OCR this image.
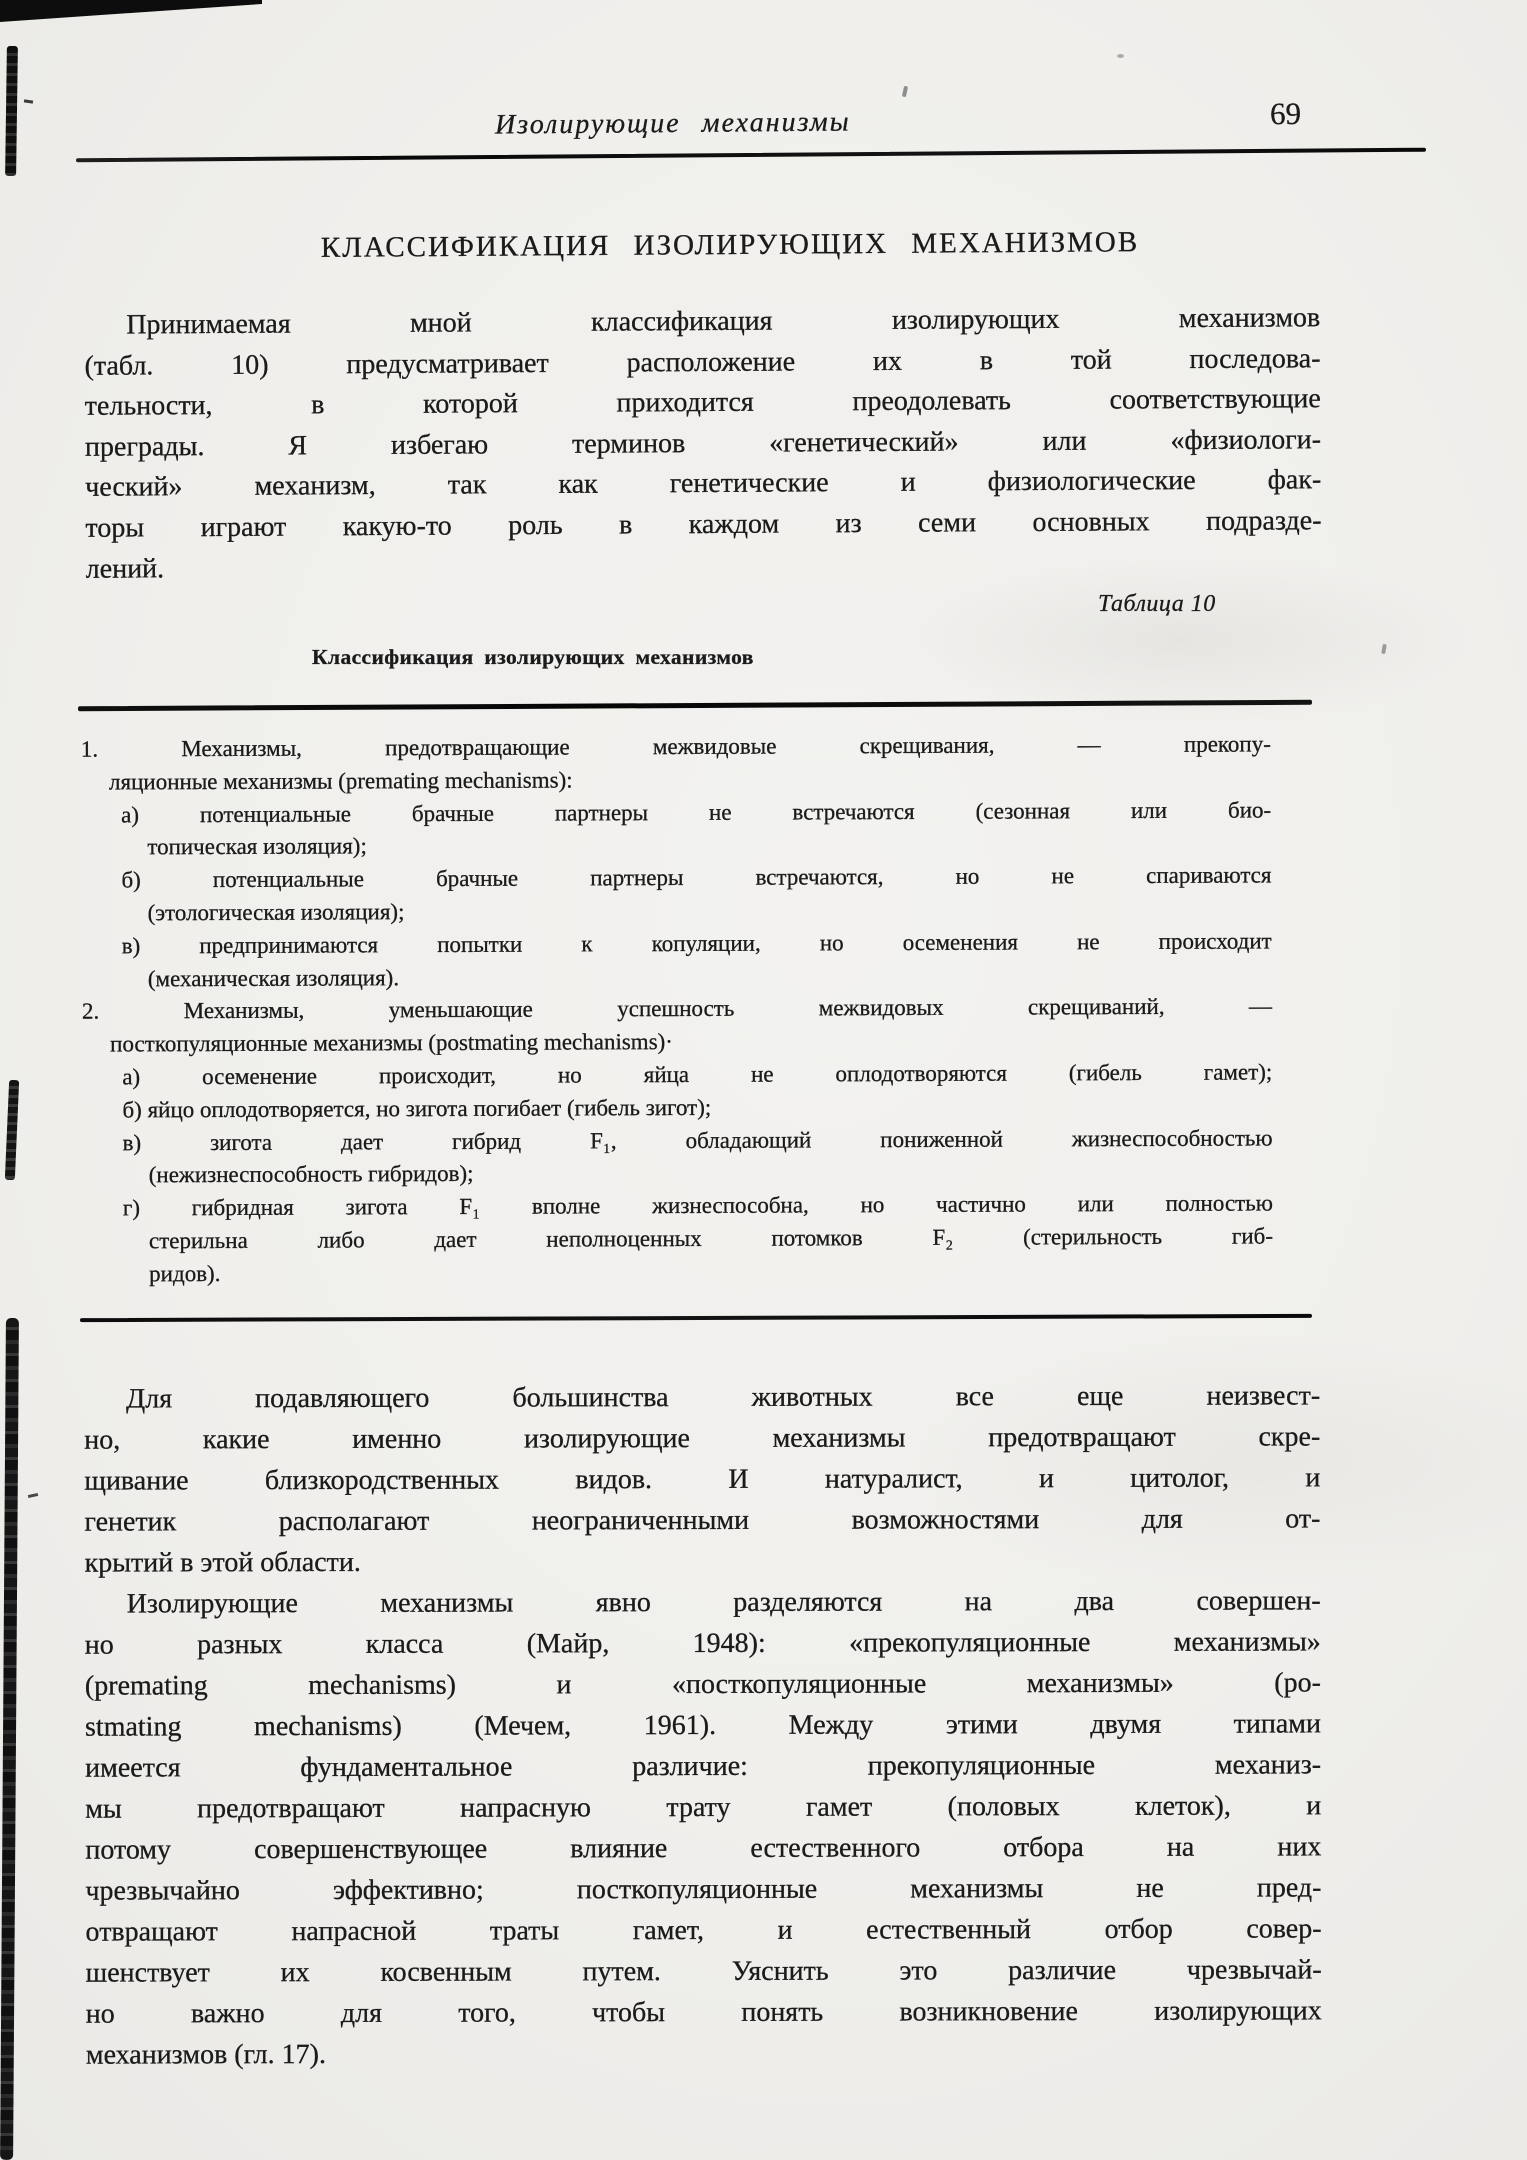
Изолирующие механизмы	69
КЛАССИФИКАЦИЯ ИЗОЛИРУЮЩИХ МЕХАНИЗМОВ
Принимаемая мной классификация изолирующих механизмов
(табл. 10) предусматривает расположение их в той последова-
тельности, в которой приходится преодолевать соответствующие
преграды. Я избегаю терминов «генетический» или «физиологи-
ческий» механизм, так как генетические и физиологические фак-
торы играют какую-то роль в каждом из семи основных подразде-
лений.
Таблица 10
Классификация изолирующих механизмов
1. Механизмы, предотвращающие межвидовые скрещивания, — прекопу-
ляционные механизмы (premating mechanisms):
а) потенциальные брачные партнеры не встречаются (сезонная или био-
топическая изоляция);
б) потенциальные брачные партнеры встречаются, но не спариваются
(этологическая изоляция);
в) предпринимаются попытки к копуляции, но осеменения не происходит
(механическая изоляция).
2. Механизмы, уменьшающие успешность межвидовых скрещиваний, —
посткопуляционные механизмы (postmating mechanisms)·
а) осеменение происходит, но яйца не оплодотворяются (гибель гамет);
б) яйцо оплодотворяется, но зигота погибает (гибель зигот);
в) зигота дает гибрид F₁, обладающий пониженной жизнеспособностью
(нежизнеспособность гибридов);
г) гибридная зигота F₁ вполне жизнеспособна, но частично или полностью
стерильна либо дает неполноценных потомков F₂ (стерильность гиб-
ридов).
Для подавляющего большинства животных все еще неизвест-
но, какие именно изолирующие механизмы предотвращают скре-
щивание близкородственных видов. И натуралист, и цитолог, и
генетик располагают неограниченными возможностями для от-
крытий в этой области.
Изолирующие механизмы явно разделяются на два совершен-
но разных класса (Майр, 1948): «прекопуляционные механизмы»
(premating mechanisms) и «посткопуляционные механизмы» (po-
stmating mechanisms) (Мечем, 1961). Между этими двумя типами
имеется фундаментальное различие: прекопуляционные механиз-
мы предотвращают напрасную трату гамет (половых клеток), и
потому совершенствующее влияние естественного отбора на них
чрезвычайно эффективно; посткопуляционные механизмы не пред-
отвращают напрасной траты гамет, и естественный отбор совер-
шенствует их косвенным путем. Уяснить это различие чрезвычай-
но важно для того, чтобы понять возникновение изолирующих
механизмов (гл. 17).
